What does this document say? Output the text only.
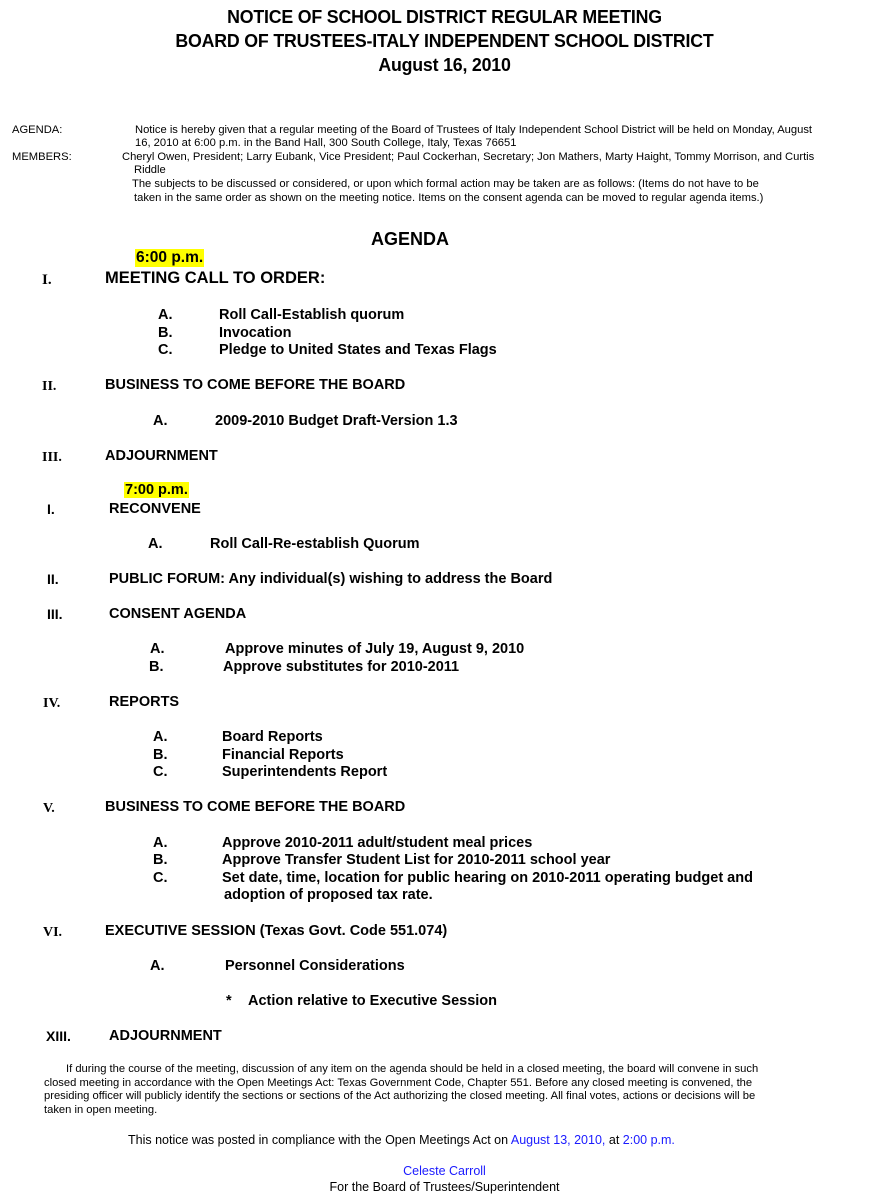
NOTICE OF SCHOOL DISTRICT REGULAR MEETING
BOARD OF TRUSTEES-ITALY INDEPENDENT SCHOOL DISTRICT
August 16, 2010
AGENDA:	Notice is hereby given that a regular meeting of the Board of Trustees of Italy Independent School District will be held on Monday, August
16, 2010 at 6:00 p.m. in the Band Hall, 300 South College, Italy, Texas 76651
MEMBERS:	Cheryl Owen, President; Larry Eubank, Vice President; Paul Cockerhan, Secretary; Jon Mathers, Marty Haight, Tommy Morrison, and Curtis
Riddle
The subjects to be discussed or considered, or upon which formal action may be taken are as follows: (Items do not have to be
taken in the same order as shown on the meeting notice. Items on the consent agenda can be moved to regular agenda items.)
AGENDA
6:00 p.m.
I.	MEETING CALL TO ORDER:
A.	Roll Call-Establish quorum
B.	Invocation
C.	Pledge to United States and Texas Flags
II.	BUSINESS TO COME BEFORE THE BOARD
A.	2009-2010 Budget Draft-Version 1.3
III.	ADJOURNMENT
7:00 p.m.
I.	RECONVENE
A.	Roll Call-Re-establish Quorum
II.	PUBLIC FORUM: Any individual(s) wishing to address the Board
III.	CONSENT AGENDA
A.	Approve minutes of July 19, August 9, 2010
B.	Approve substitutes for 2010-2011
IV.	REPORTS
A.	Board Reports
B.	Financial Reports
C.	Superintendents Report
V.	BUSINESS TO COME BEFORE THE BOARD
A.	Approve 2010-2011 adult/student meal prices
B.	Approve Transfer Student List for 2010-2011 school year
C.	Set date, time, location for public hearing on 2010-2011 operating budget and
adoption of proposed tax rate.
VI.	EXECUTIVE SESSION (Texas Govt. Code 551.074)
A.	Personnel Considerations
* Action relative to Executive Session
XIII.	ADJOURNMENT
If during the course of the meeting, discussion of any item on the agenda should be held in a closed meeting, the board will convene in such
closed meeting in accordance with the Open Meetings Act: Texas Government Code, Chapter 551. Before any closed meeting is convened, the
presiding officer will publicly identify the sections or sections of the Act authorizing the closed meeting. All final votes, actions or decisions will be
taken in open meeting.
This notice was posted in compliance with the Open Meetings Act on August 13, 2010, at 2:00 p.m.
Celeste Carroll
For the Board of Trustees/Superintendent
